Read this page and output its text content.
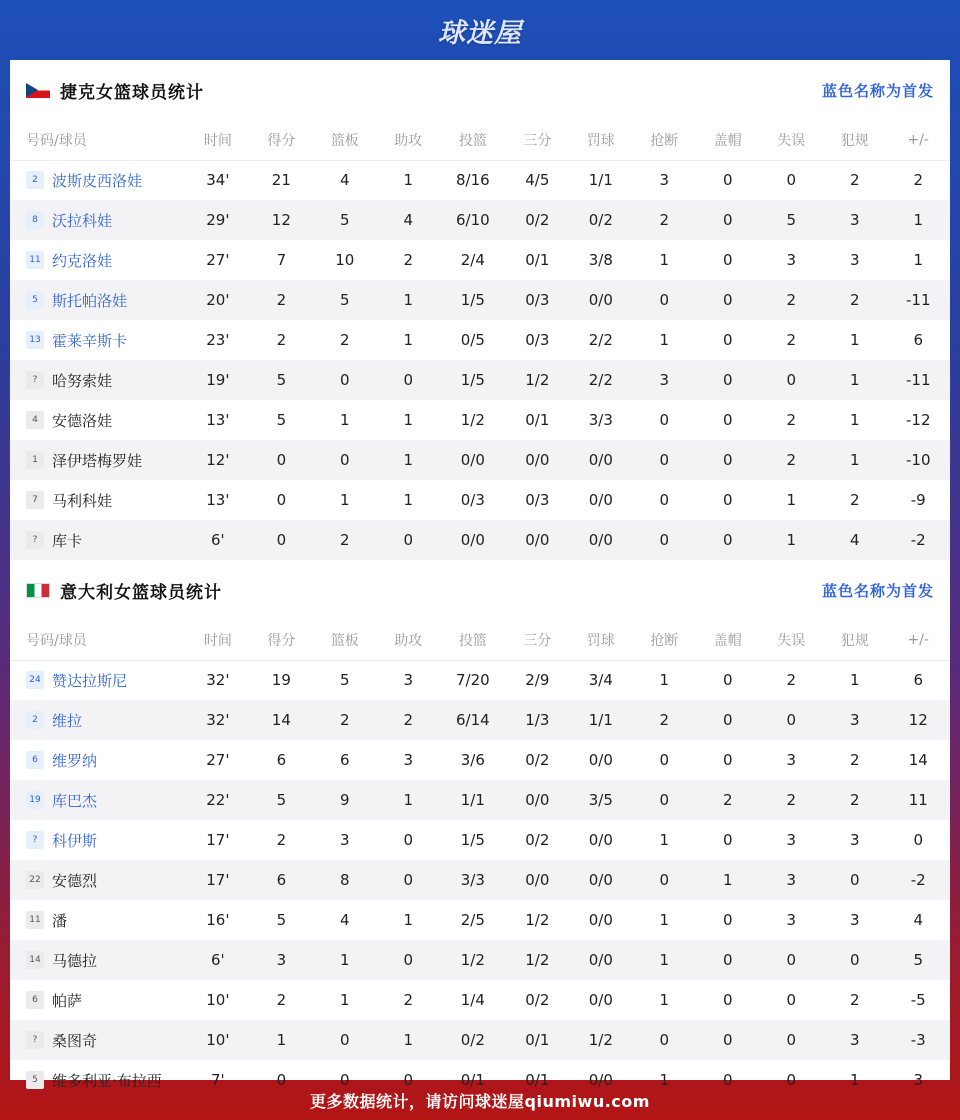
球迷屋
捷克女篮球员统计	蓝色名称为首发
号码/球员	时间	得分	篮板	助攻	投篮	三分	罚球	抢断	盖帽	失误	犯规	+/-
2 波斯皮西洛娃	34'	21	4	1	8/16	4/5	1/1	3	0	0	2	2
8 沃拉科娃	29'	12	5	4	6/10	0/2	0/2	2	0	5	3	1
11 约克洛娃	27'	7	10	2	2/4	0/1	3/8	1	0	3	3	1
5 斯托帕洛娃	20'	2	5	1	1/5	0/3	0/0	0	0	2	2	-11
13 霍莱辛斯卡	23'	2	2	1	0/5	0/3	2/2	1	0	2	1	6
? 哈努索娃	19'	5	0	0	1/5	1/2	2/2	3	0	0	1	-11
4 安德洛娃	13'	5	1	1	1/2	0/1	3/3	0	0	2	1	-12
1 泽伊塔梅罗娃	12'	0	0	1	0/0	0/0	0/0	0	0	2	1	-10
7 马利科娃	13'	0	1	1	0/3	0/3	0/0	0	0	1	2	-9
? 库卡	6'	0	2	0	0/0	0/0	0/0	0	0	1	4	-2
意大利女篮球员统计	蓝色名称为首发
号码/球员	时间	得分	篮板	助攻	投篮	三分	罚球	抢断	盖帽	失误	犯规	+/-
24 赞达拉斯尼	32'	19	5	3	7/20	2/9	3/4	1	0	2	1	6
2 维拉	32'	14	2	2	6/14	1/3	1/1	2	0	0	3	12
6 维罗纳	27'	6	6	3	3/6	0/2	0/0	0	0	3	2	14
19 库巴杰	22'	5	9	1	1/1	0/0	3/5	0	2	2	2	11
? 科伊斯	17'	2	3	0	1/5	0/2	0/0	1	0	3	3	0
22 安德烈	17'	6	8	0	3/3	0/0	0/0	0	1	3	0	-2
11 潘	16'	5	4	1	2/5	1/2	0/0	1	0	3	3	4
14 马德拉	6'	3	1	0	1/2	1/2	0/0	1	0	0	0	5
6 帕萨	10'	2	1	2	1/4	0/2	0/0	1	0	0	2	-5
? 桑图奇	10'	1	0	1	0/2	0/1	1/2	0	0	0	3	-3
5 维多利亚·布拉西	7'	0	0	0	0/1	0/1	0/0	1	0	0	1	3
更多数据统计，请访问球迷屋qiumiwu.com
